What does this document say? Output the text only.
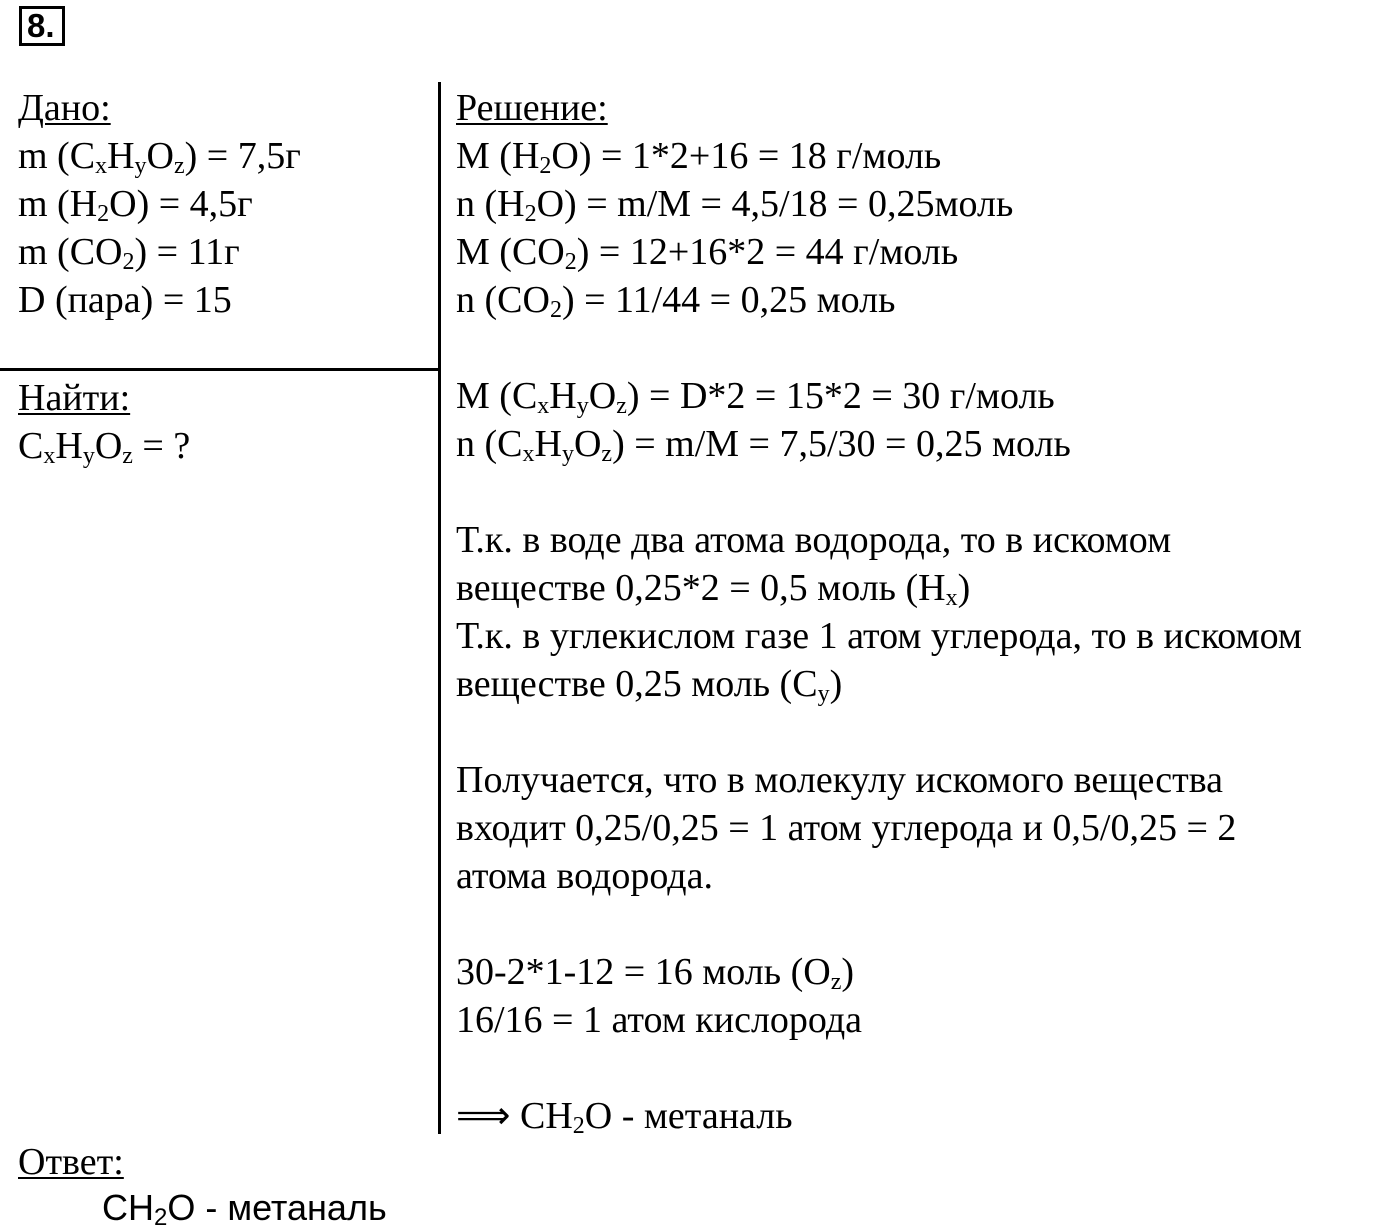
8.
Дано:
m $(C_xH_yO_z) = 7,5г$
m $(H_2O) = 4,5г$
m $(CO_2) = 11г$
D (пара) = 15
Найти:
$C_xH_yO_z$ = ?
Решение:
M $(H_2O) = 1*2+16 = 18$ г/моль
n $(H_2O) = m/M = 4,5/18$ = 0,25моль
M $(CO_2) = 12+16*2 = 44$ г/моль
n $(CO_2) = 11/44 = 0,25$ моль
M $(C_xH_yO_z) = D*2 = 15*2 = 30$ г/моль
n $(C_xH_yO_z) = m/M = 7,5/30 = 0,25$ моль
Т.к. в воде два атома водорода, то в искомом
веществе 0,25*2 = 0,5 моль $(H_x)$
Т.к. в углекислом газе 1 атом углерода, то в искомом
веществе 0,25 моль $(C_y)$
Получается, что в молекулу искомого вещества
входит 0,25/0,25 = 1 атом углерода и 0,5/0,25 = 2
атома водорода.
30-2*1-12 = 16 моль $(O_z)$
16/16 = 1 атом кислорода
⟹ $CH_2O$ - метаналь
Ответ:
$CH_2O$ - метаналь
